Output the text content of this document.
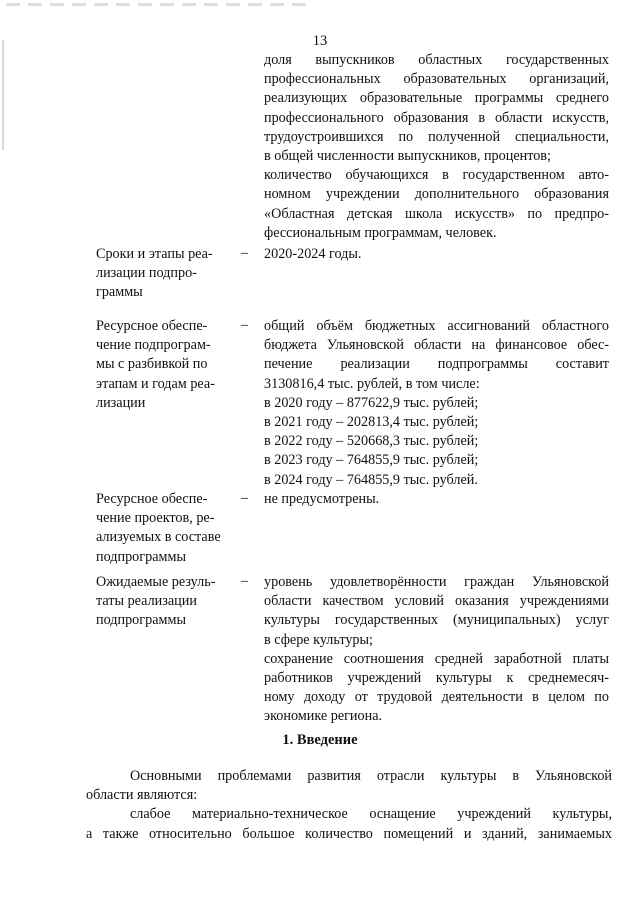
13
доля выпускников областных государственных
профессиональных образовательных организаций,
реализующих образовательные программы среднего
профессионального образования в области искусств,
трудоустроившихся по полученной специальности,
в общей численности выпускников, процентов;
количество обучающихся в государственном авто-
номном учреждении дополнительного образования
«Областная детская школа искусств» по предпро-
фессиональным программам, человек.
Сроки и этапы реа-
лизации подпро-
граммы
– 2020-2024 годы.
Ресурсное обеспе-
чение подпрограм-
мы с разбивкой по
этапам и годам реа-
лизации
– общий объём бюджетных ассигнований областного
бюджета Ульяновской области на финансовое обес-
печение реализации подпрограммы составит
3130816,4 тыс. рублей, в том числе:
в 2020 году – 877622,9 тыс. рублей;
в 2021 году – 202813,4 тыс. рублей;
в 2022 году – 520668,3 тыс. рублей;
в 2023 году – 764855,9 тыс. рублей;
в 2024 году – 764855,9 тыс. рублей.
Ресурсное обеспе-
чение проектов, ре-
ализуемых в составе
подпрограммы
– не предусмотрены.
Ожидаемые резуль-
таты реализации
подпрограммы
– уровень удовлетворённости граждан Ульяновской
области качеством условий оказания учреждениями
культуры государственных (муниципальных) услуг
в сфере культуры;
сохранение соотношения средней заработной платы
работников учреждений культуры к среднемесяч-
ному доходу от трудовой деятельности в целом по
экономике региона.
1. Введение
Основными проблемами развития отрасли культуры в Ульяновской
области являются:
слабое материально-техническое оснащение учреждений культуры,
а также относительно большое количество помещений и зданий, занимаемых
